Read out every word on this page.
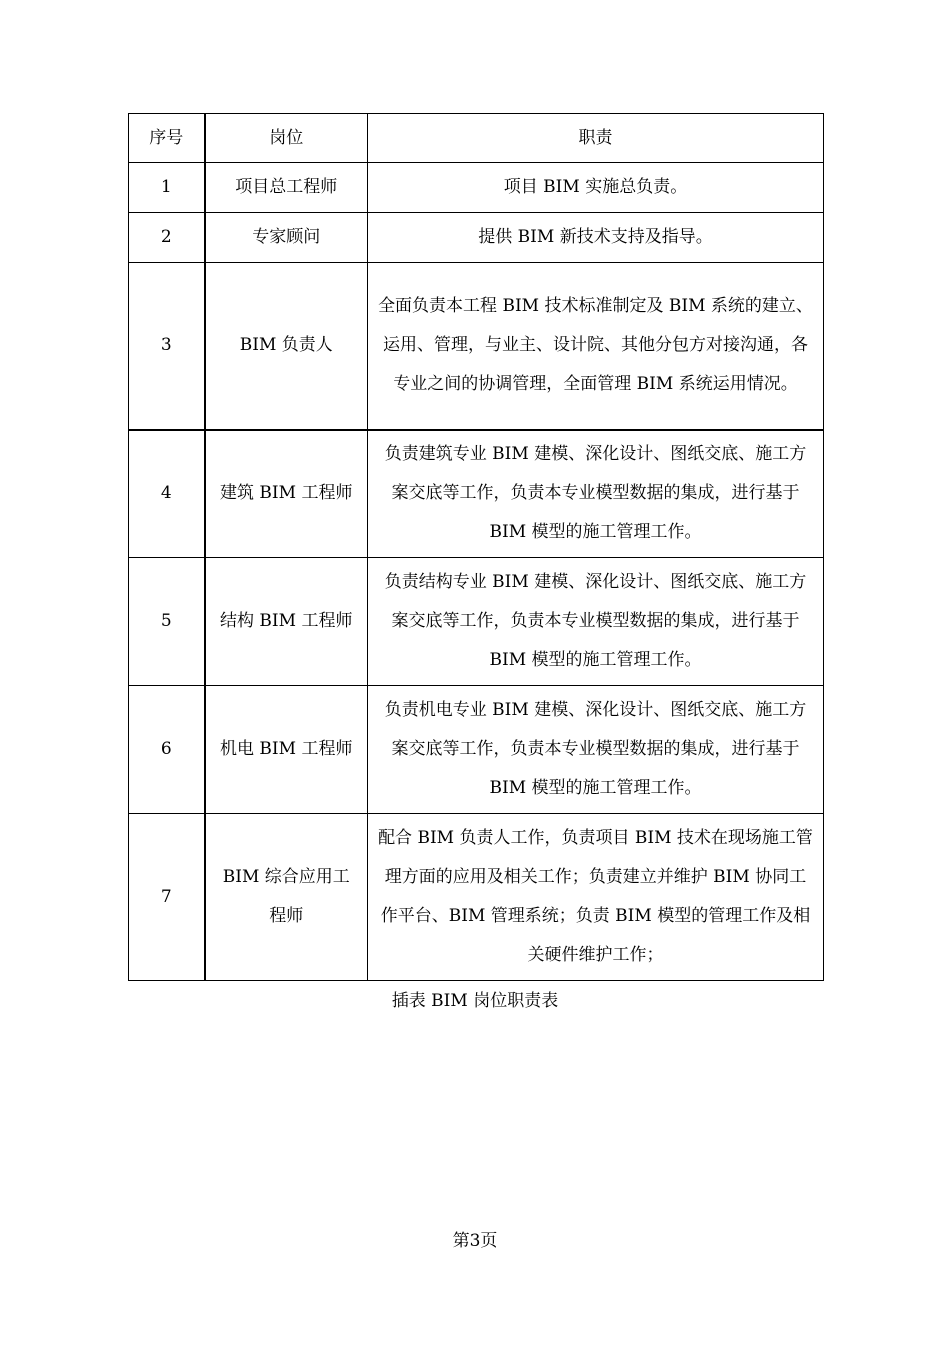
序号	岗位	职责
1	项目总工程师	项目 BIM 实施总负责。
2	专家顾问	提供 BIM 新技术支持及指导。
3	BIM 负责人	全面负责本工程 BIM 技术标准制定及 BIM 系统的建立、运用、管理，与业主、设计院、其他分包方对接沟通，各专业之间的协调管理，全面管理 BIM 系统运用情况。
4	建筑 BIM 工程师	负责建筑专业 BIM 建模、深化设计、图纸交底、施工方案交底等工作，负责本专业模型数据的集成，进行基于 BIM 模型的施工管理工作。
5	结构 BIM 工程师	负责结构专业 BIM 建模、深化设计、图纸交底、施工方案交底等工作，负责本专业模型数据的集成，进行基于 BIM 模型的施工管理工作。
6	机电 BIM 工程师	负责机电专业 BIM 建模、深化设计、图纸交底、施工方案交底等工作，负责本专业模型数据的集成，进行基于 BIM 模型的施工管理工作。
7	BIM 综合应用工程师	配合 BIM 负责人工作，负责项目 BIM 技术在现场施工管理方面的应用及相关工作；负责建立并维护 BIM 协同工作平台、BIM 管理系统；负责 BIM 模型的管理工作及相关硬件维护工作；
插表 BIM 岗位职责表
第3页
